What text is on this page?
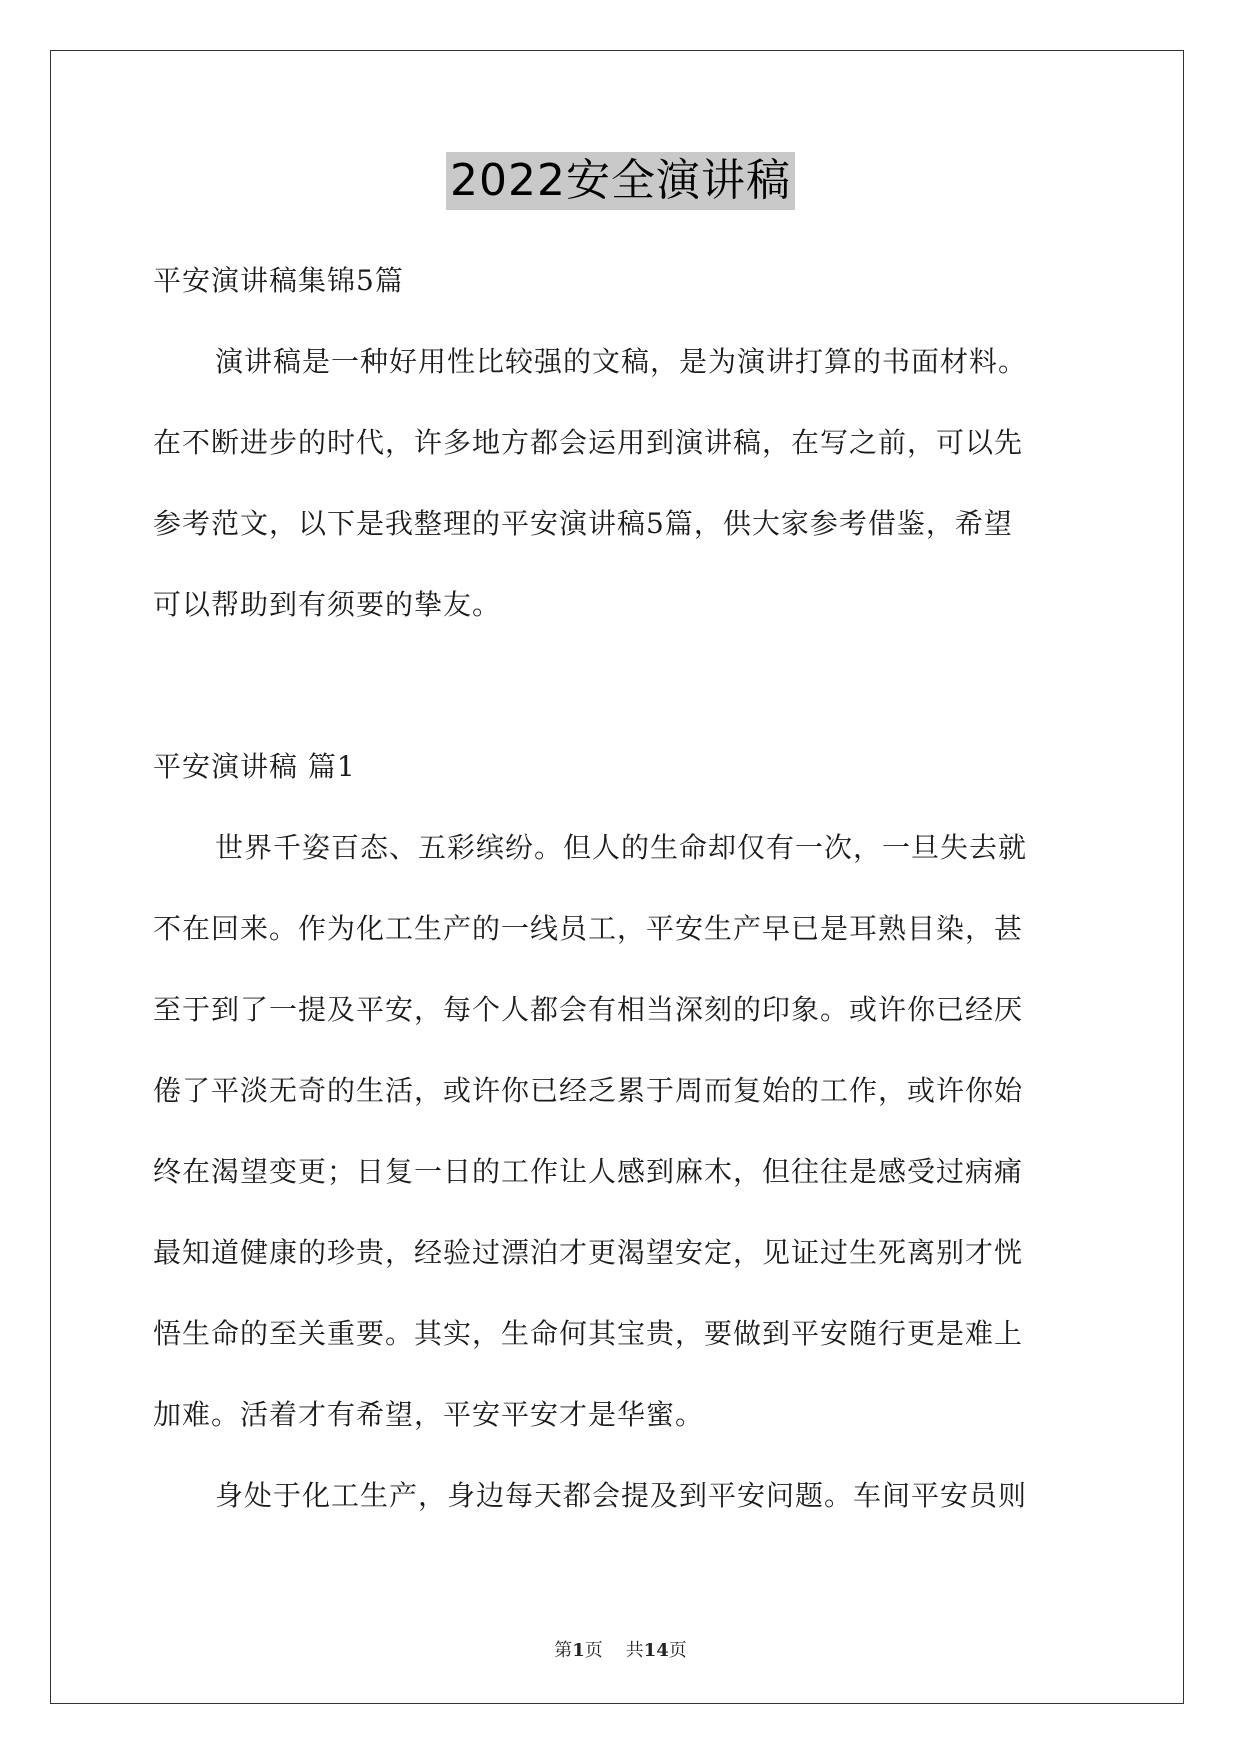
2022安全演讲稿
平安演讲稿集锦5篇
演讲稿是一种好用性比较强的文稿，是为演讲打算的书面材料。
在不断进步的时代，许多地方都会运用到演讲稿，在写之前，可以先
参考范文，以下是我整理的平安演讲稿5篇，供大家参考借鉴，希望
可以帮助到有须要的挚友。
平安演讲稿 篇1
世界千姿百态、五彩缤纷。但人的生命却仅有一次，一旦失去就
不在回来。作为化工生产的一线员工，平安生产早已是耳熟目染，甚
至于到了一提及平安，每个人都会有相当深刻的印象。或许你已经厌
倦了平淡无奇的生活，或许你已经乏累于周而复始的工作，或许你始
终在渴望变更；日复一日的工作让人感到麻木，但往往是感受过病痛
最知道健康的珍贵，经验过漂泊才更渴望安定，见证过生死离别才恍
悟生命的至关重要。其实，生命何其宝贵，要做到平安随行更是难上
加难。活着才有希望，平安平安才是华蜜。
身处于化工生产，身边每天都会提及到平安问题。车间平安员则
第1页 共14页
